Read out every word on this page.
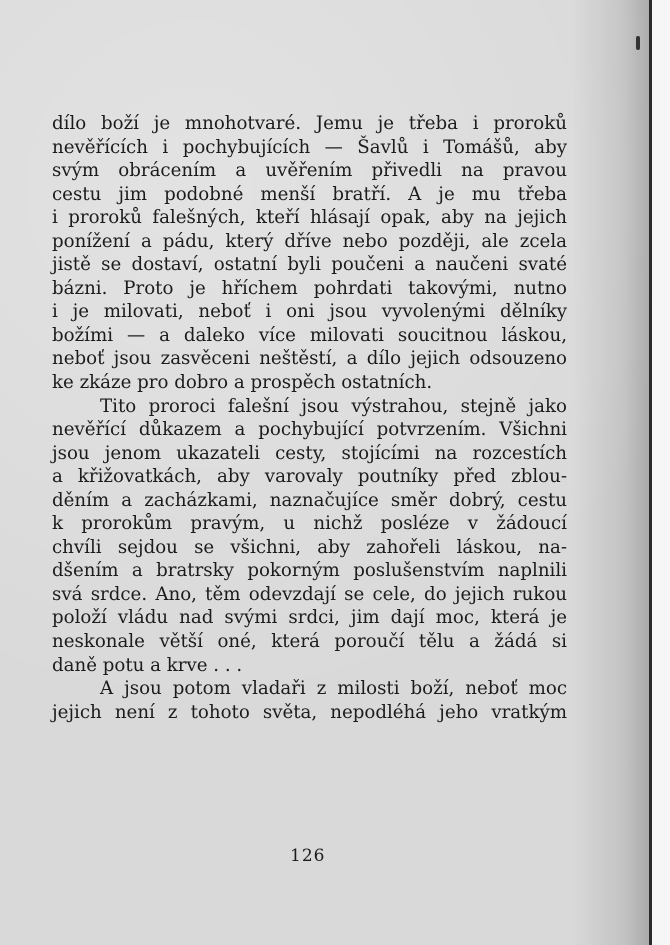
dílo boží je mnohotvaré. Jemu je třeba i proroků
nevěřících i pochybujících — Šavlů i Tomášů, aby
svým obrácením a uvěřením přivedli na pravou
cestu jim podobné menší bratří. A je mu třeba
i proroků falešných, kteří hlásají opak, aby na jejich
ponížení a pádu, který dříve nebo později, ale zcela
jistě se dostaví, ostatní byli poučeni a naučeni svaté
bázni. Proto je hříchem pohrdati takovými, nutno
i je milovati, neboť i oni jsou vyvolenými dělníky
božími — a daleko více milovati soucitnou láskou,
neboť jsou zasvěceni neštěstí, a dílo jejich odsouzeno
ke zkáze pro dobro a prospěch ostatních.
Tito proroci falešní jsou výstrahou, stejně jako
nevěřící důkazem a pochybující potvrzením. Všichni
jsou jenom ukazateli cesty, stojícími na rozcestích
a křižovatkách, aby varovaly poutníky před zblou-
děním a zacházkami, naznačujíce směr dobrý, cestu
k prorokům pravým, u nichž posléze v žádoucí
chvíli sejdou se všichni, aby zahořeli láskou, na-
dšením a bratrsky pokorným poslušenstvím naplnili
svá srdce. Ano, těm odevzdají se cele, do jejich rukou
položí vládu nad svými srdci, jim dají moc, která je
neskonale větší oné, která poroučí tělu a žádá si
daně potu a krve . . .
A jsou potom vladaři z milosti boží, neboť moc
jejich není z tohoto světa, nepodléhá jeho vratkým
126
